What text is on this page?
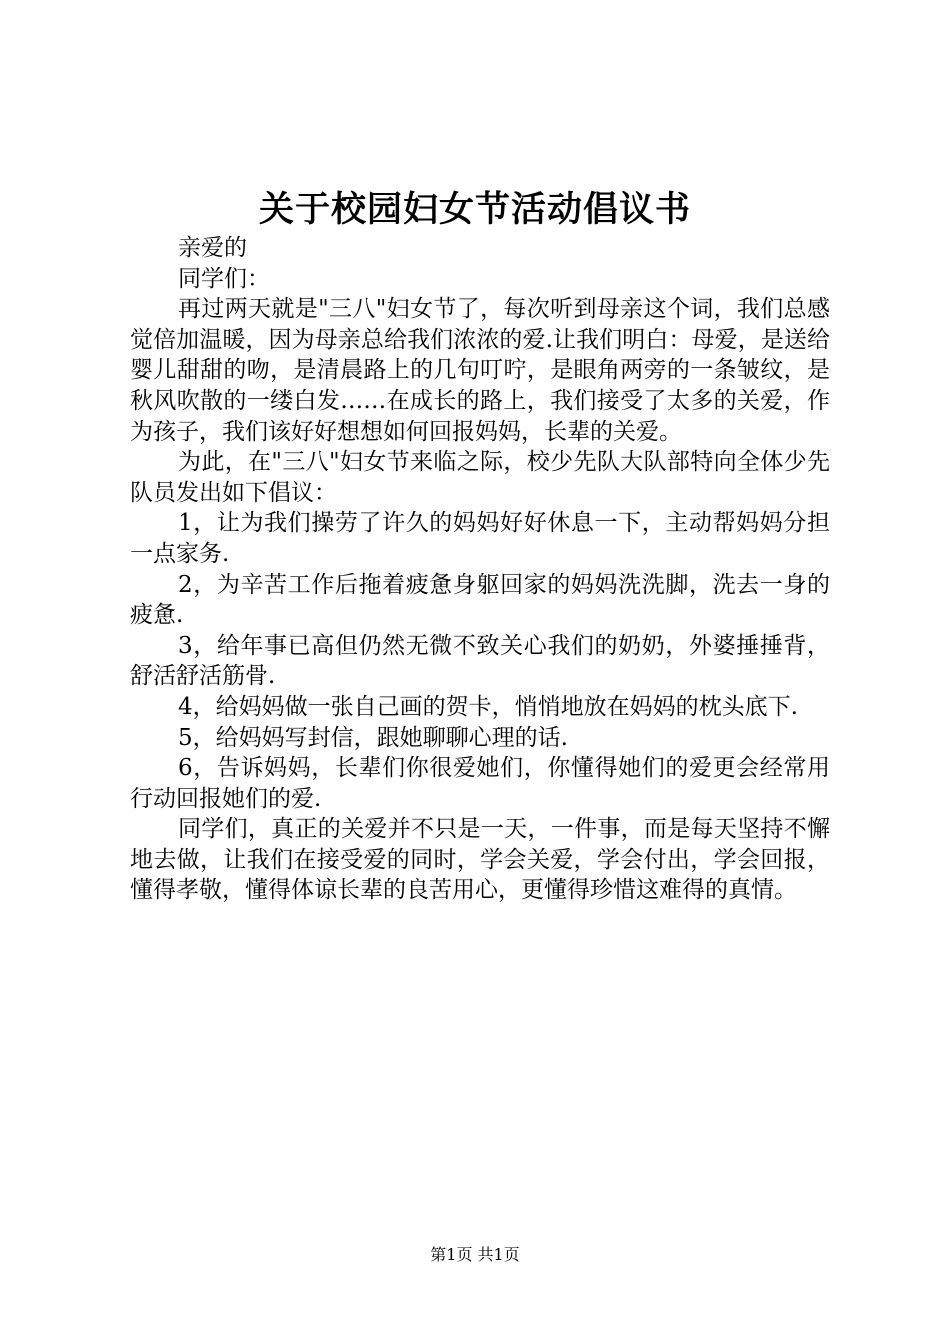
关于校园妇女节活动倡议书

亲爱的

同学们：

再过两天就是"三八"妇女节了，每次听到母亲这个词，我们总感觉倍加温暖，因为母亲总给我们浓浓的爱.让我们明白：母爱，是送给婴儿甜甜的吻，是清晨路上的几句叮咛，是眼角两旁的一条皱纹，是秋风吹散的一缕白发……在成长的路上，我们接受了太多的关爱，作为孩子，我们该好好想想如何回报妈妈，长辈的关爱。

为此，在"三八"妇女节来临之际，校少先队大队部特向全体少先队员发出如下倡议：

1，让为我们操劳了许久的妈妈好好休息一下，主动帮妈妈分担一点家务.

2，为辛苦工作后拖着疲惫身躯回家的妈妈洗洗脚，洗去一身的疲惫.

3，给年事已高但仍然无微不致关心我们的奶奶，外婆捶捶背，舒活舒活筋骨.

4，给妈妈做一张自己画的贺卡，悄悄地放在妈妈的枕头底下.

5，给妈妈写封信，跟她聊聊心理的话.

6，告诉妈妈，长辈们你很爱她们，你懂得她们的爱更会经常用行动回报她们的爱.

同学们，真正的关爱并不只是一天，一件事，而是每天坚持不懈地去做，让我们在接受爱的同时，学会关爱，学会付出，学会回报，懂得孝敬，懂得体谅长辈的良苦用心，更懂得珍惜这难得的真情。

第1页 共1页
